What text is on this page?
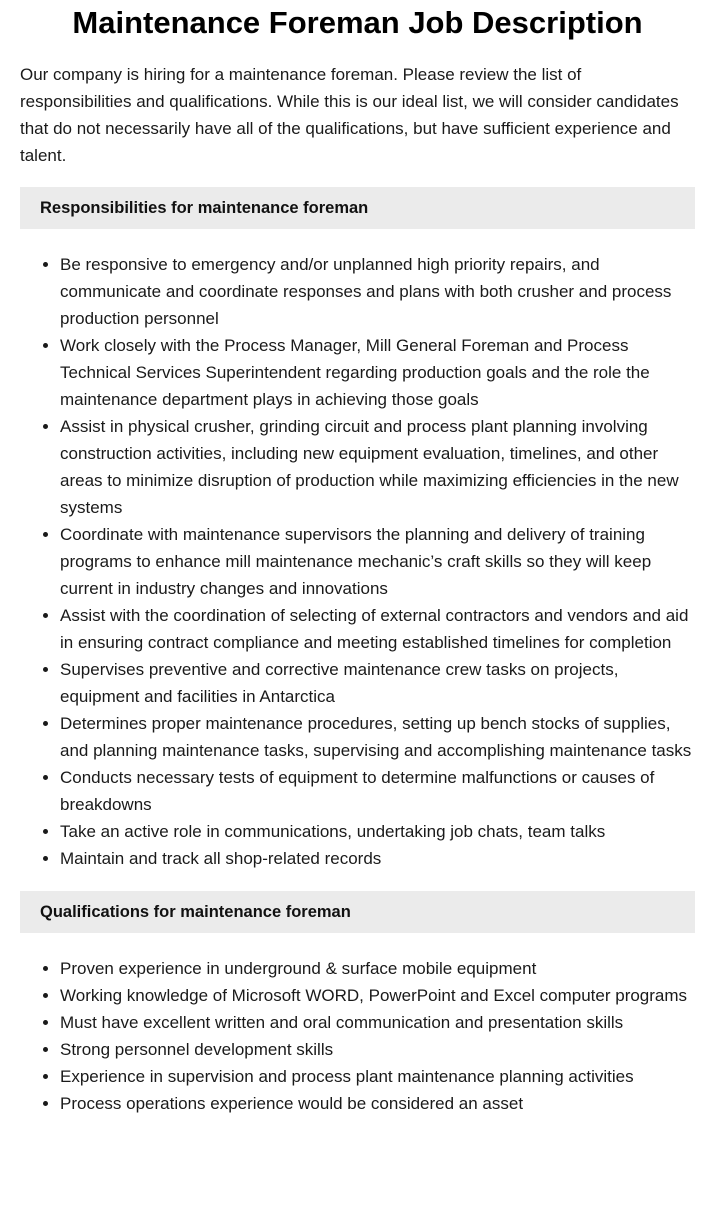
Maintenance Foreman Job Description

Our company is hiring for a maintenance foreman. Please review the list of responsibilities and qualifications. While this is our ideal list, we will consider candidates that do not necessarily have all of the qualifications, but have sufficient experience and talent.

Responsibilities for maintenance foreman
• Be responsive to emergency and/or unplanned high priority repairs, and communicate and coordinate responses and plans with both crusher and process production personnel
• Work closely with the Process Manager, Mill General Foreman and Process Technical Services Superintendent regarding production goals and the role the maintenance department plays in achieving those goals
• Assist in physical crusher, grinding circuit and process plant planning involving construction activities, including new equipment evaluation, timelines, and other areas to minimize disruption of production while maximizing efficiencies in the new systems
• Coordinate with maintenance supervisors the planning and delivery of training programs to enhance mill maintenance mechanic’s craft skills so they will keep current in industry changes and innovations
• Assist with the coordination of selecting of external contractors and vendors and aid in ensuring contract compliance and meeting established timelines for completion
• Supervises preventive and corrective maintenance crew tasks on projects, equipment and facilities in Antarctica
• Determines proper maintenance procedures, setting up bench stocks of supplies, and planning maintenance tasks, supervising and accomplishing maintenance tasks
• Conducts necessary tests of equipment to determine malfunctions or causes of breakdowns
• Take an active role in communications, undertaking job chats, team talks
• Maintain and track all shop-related records
Qualifications for maintenance foreman
• Proven experience in underground & surface mobile equipment
• Working knowledge of Microsoft WORD, PowerPoint and Excel computer programs
• Must have excellent written and oral communication and presentation skills
• Strong personnel development skills
• Experience in supervision and process plant maintenance planning activities
• Process operations experience would be considered an asset
